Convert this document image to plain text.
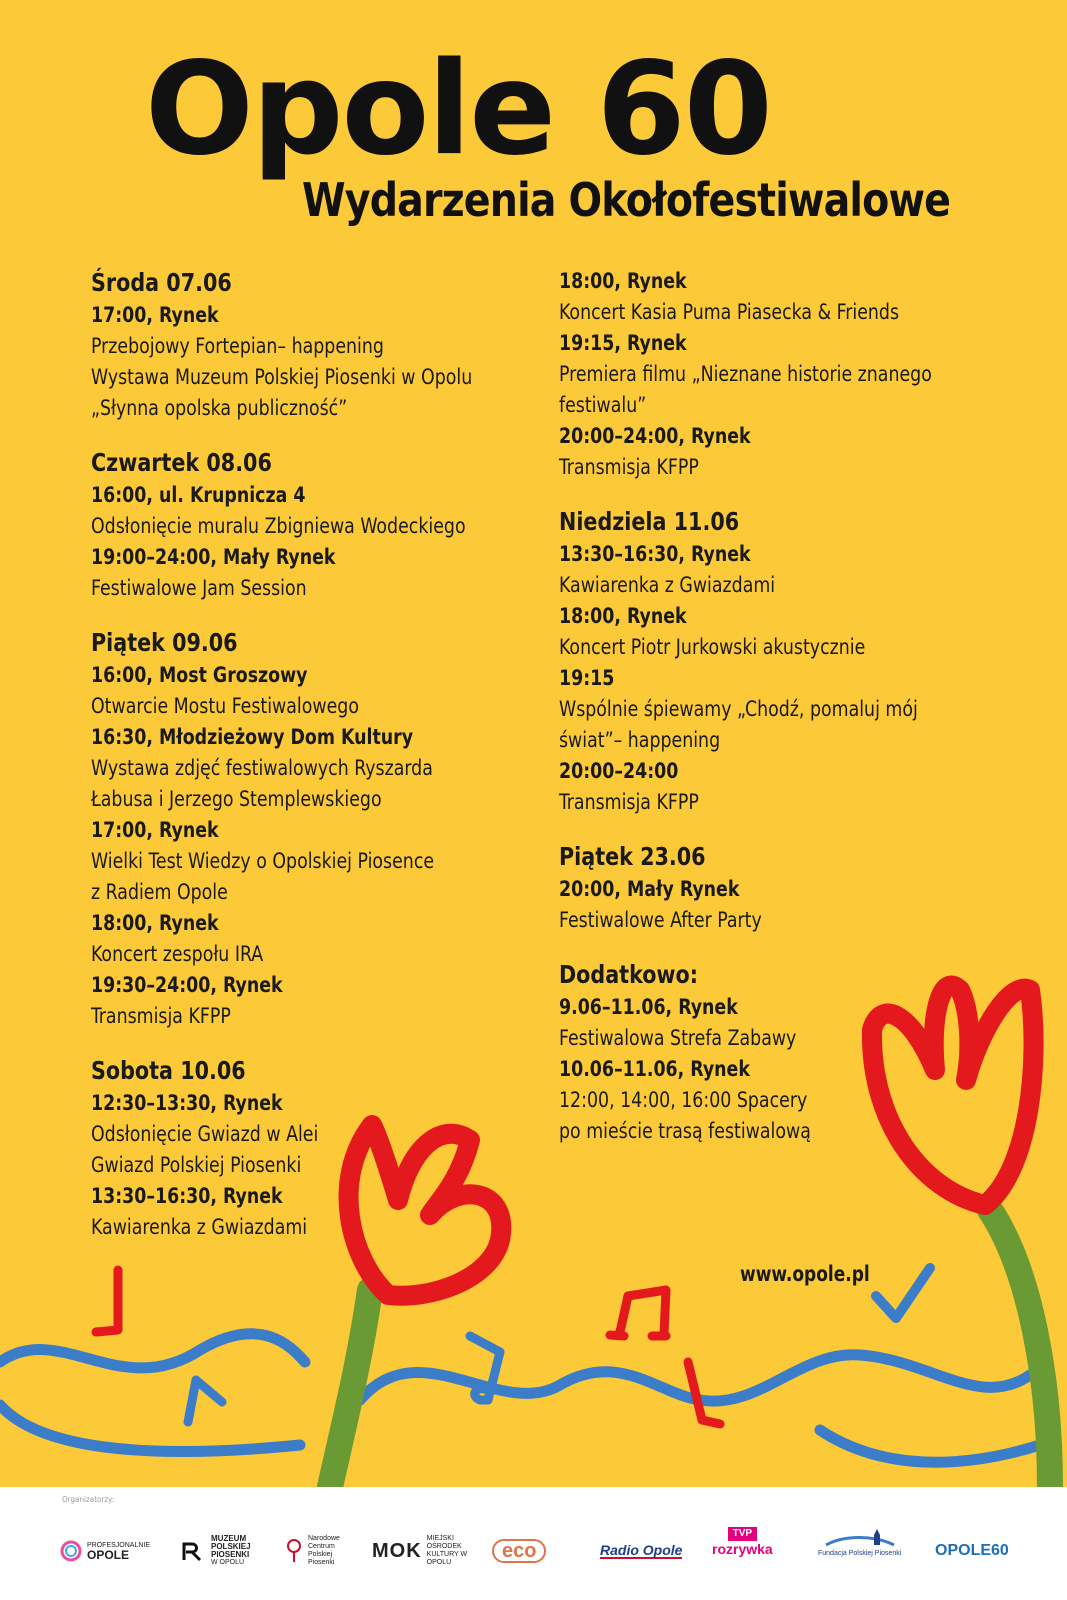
Opole 60
Wydarzenia Okołofestiwalowe
Środa 07.06
17:00, Rynek
Przebojowy Fortepian– happening
Wystawa Muzeum Polskiej Piosenki w Opolu
„Słynna opolska publiczność”
Czwartek 08.06
16:00, ul. Krupnicza 4
Odsłonięcie muralu Zbigniewa Wodeckiego
19:00–24:00, Mały Rynek
Festiwalowe Jam Session
Piątek 09.06
16:00, Most Groszowy
Otwarcie Mostu Festiwalowego
16:30, Młodzieżowy Dom Kultury
Wystawa zdjęć festiwalowych Ryszarda
Łabusa i Jerzego Stemplewskiego
17:00, Rynek
Wielki Test Wiedzy o Opolskiej Piosence
z Radiem Opole
18:00, Rynek
Koncert zespołu IRA
19:30–24:00, Rynek
Transmisja KFPP
Sobota 10.06
12:30–13:30, Rynek
Odsłonięcie Gwiazd w Alei
Gwiazd Polskiej Piosenki
13:30–16:30, Rynek
Kawiarenka z Gwiazdami
18:00, Rynek
Koncert Kasia Puma Piasecka & Friends
19:15, Rynek
Premiera filmu „Nieznane historie znanego
festiwalu”
20:00–24:00, Rynek
Transmisja KFPP
Niedziela 11.06
13:30–16:30, Rynek
Kawiarenka z Gwiazdami
18:00, Rynek
Koncert Piotr Jurkowski akustycznie
19:15
Wspólnie śpiewamy „Chodź, pomaluj mój
świat”– happening
20:00–24:00
Transmisja KFPP
Piątek 23.06
20:00, Mały Rynek
Festiwalowe After Party
Dodatkowo:
9.06–11.06, Rynek
Festiwalowa Strefa Zabawy
10.06–11.06, Rynek
12:00, 14:00, 16:00 Spacery
po mieście trasą festiwalową
www.opole.pl
Organizatorzy:
PROFESJONALNIE
OPOLE
MUZEUM
POLSKIEJ
PIOSENKI
W OPOLU
Narodowe
Centrum
Polskiej
Piosenki
MOK
MIEJSKI OŚRODEK KULTURY W OPOLU
eco	Radio Opole
TVP
rozrywka	Fundacja Polskiej Piosenki OPOLE60
